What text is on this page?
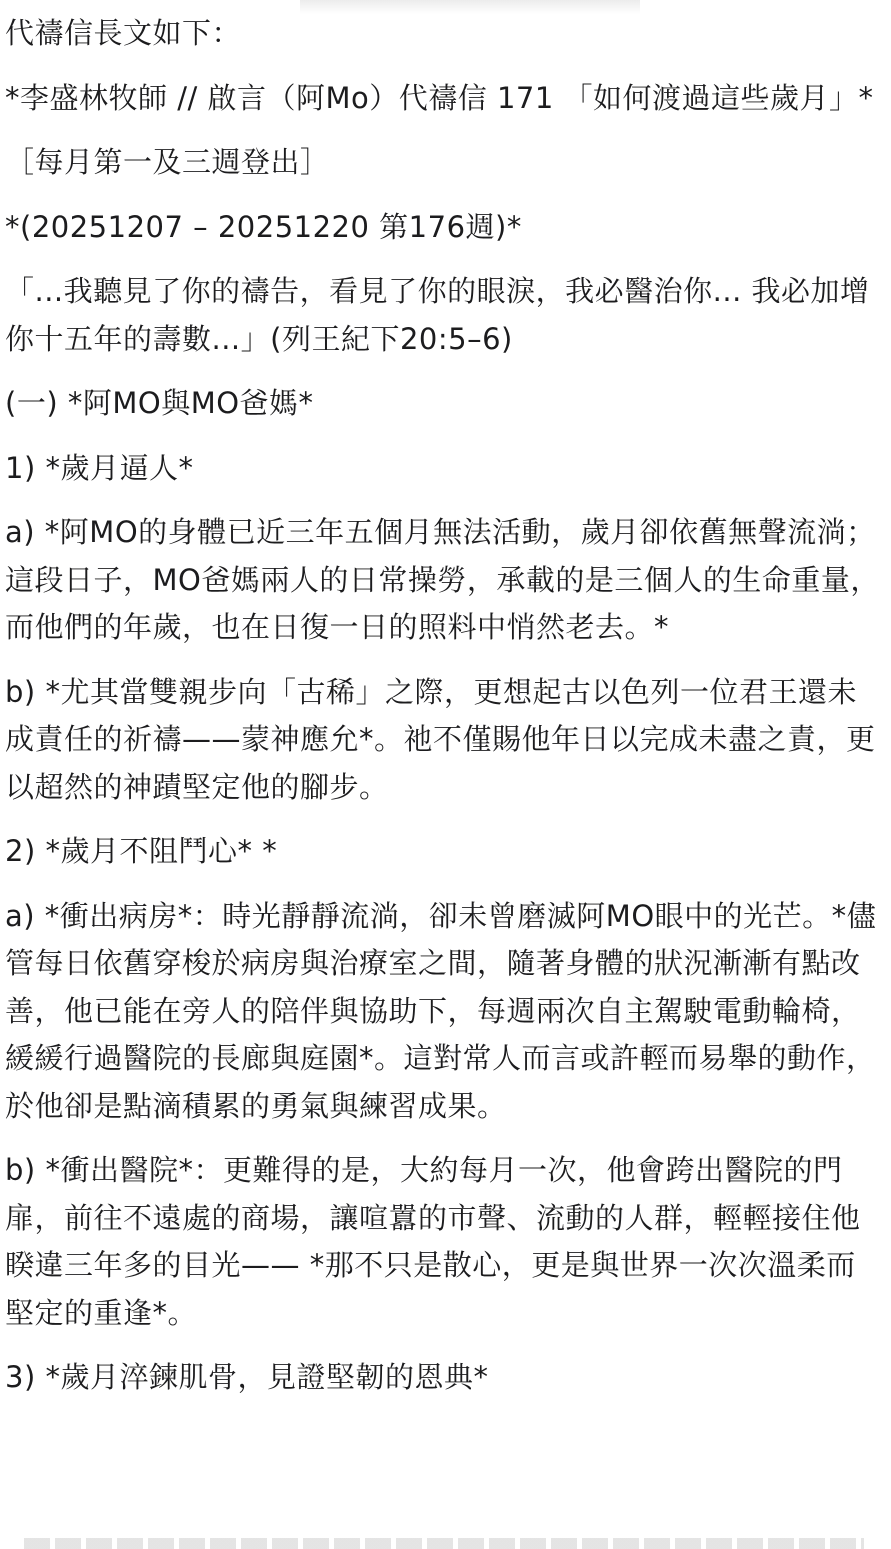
代禱信長文如下：

*李盛林牧師 // 啟言（阿Mo）代禱信 171 「如何渡過這些歲月」*

［每月第一及三週登出］

*(20251207 – 20251220 第176週)*

「...我聽見了你的禱告，看見了你的眼淚，我必醫治你... 我必加增你十五年的壽數...」(列王紀下20:5–6)

(一) *阿MO與MO爸媽*

1) *歲月逼人*

a) *阿MO的身體已近三年五個月無法活動，歲月卻依舊無聲流淌；這段日子，MO爸媽兩人的日常操勞，承載的是三個人的生命重量，而他們的年歲，也在日復一日的照料中悄然老去。*

b) *尤其當雙親步向「古稀」之際，更想起古以色列一位君王還未成責任的祈禱——蒙神應允*。祂不僅賜他年日以完成未盡之責，更以超然的神蹟堅定他的腳步。

2) *歲月不阻鬥心* *

a) *衝出病房*：時光靜靜流淌，卻未曾磨滅阿MO眼中的光芒。*儘管每日依舊穿梭於病房與治療室之間，隨著身體的狀況漸漸有點改善，他已能在旁人的陪伴與協助下，每週兩次自主駕駛電動輪椅，緩緩行過醫院的長廊與庭園*。這對常人而言或許輕而易舉的動作，於他卻是點滴積累的勇氣與練習成果。

b) *衝出醫院*：更難得的是，大約每月一次，他會跨出醫院的門扉，前往不遠處的商場，讓喧囂的市聲、流動的人群，輕輕接住他睽違三年多的目光—— *那不只是散心，更是與世界一次次溫柔而堅定的重逢*。

3) *歲月淬鍊肌骨，見證堅韌的恩典*
